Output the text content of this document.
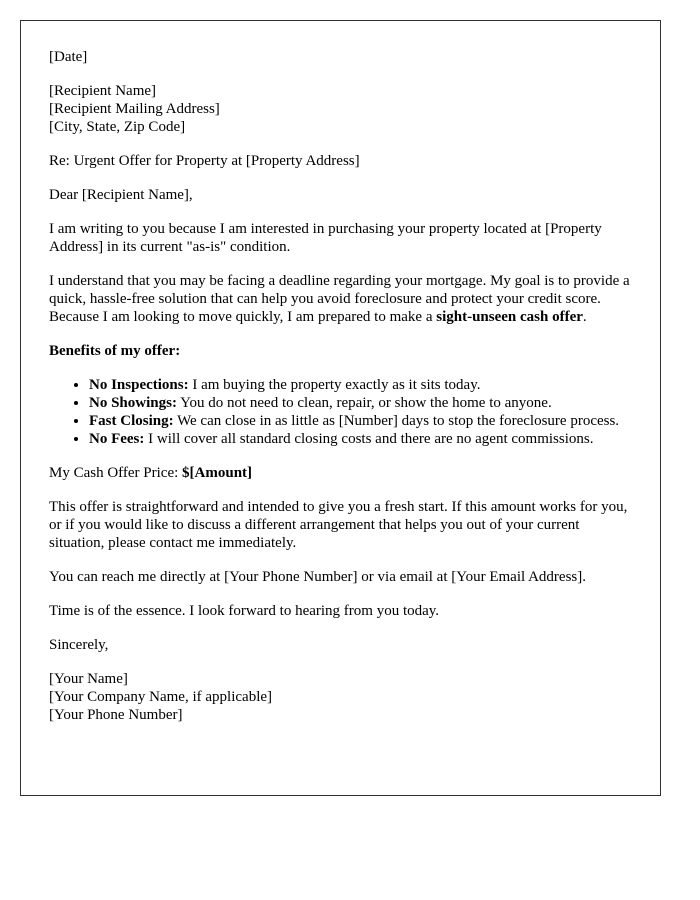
[Date]

[Recipient Name]
[Recipient Mailing Address]
[City, State, Zip Code]

Re: Urgent Offer for Property at [Property Address]

Dear [Recipient Name],

I am writing to you because I am interested in purchasing your property located at [Property Address] in its current "as-is" condition.

I understand that you may be facing a deadline regarding your mortgage. My goal is to provide a quick, hassle-free solution that can help you avoid foreclosure and protect your credit score. Because I am looking to move quickly, I am prepared to make a sight-unseen cash offer.

Benefits of my offer:

• No Inspections: I am buying the property exactly as it sits today.
• No Showings: You do not need to clean, repair, or show the home to anyone.
• Fast Closing: We can close in as little as [Number] days to stop the foreclosure process.
• No Fees: I will cover all standard closing costs and there are no agent commissions.

My Cash Offer Price: $[Amount]

This offer is straightforward and intended to give you a fresh start. If this amount works for you, or if you would like to discuss a different arrangement that helps you out of your current situation, please contact me immediately.

You can reach me directly at [Your Phone Number] or via email at [Your Email Address].

Time is of the essence. I look forward to hearing from you today.

Sincerely,

[Your Name]
[Your Company Name, if applicable]
[Your Phone Number]
